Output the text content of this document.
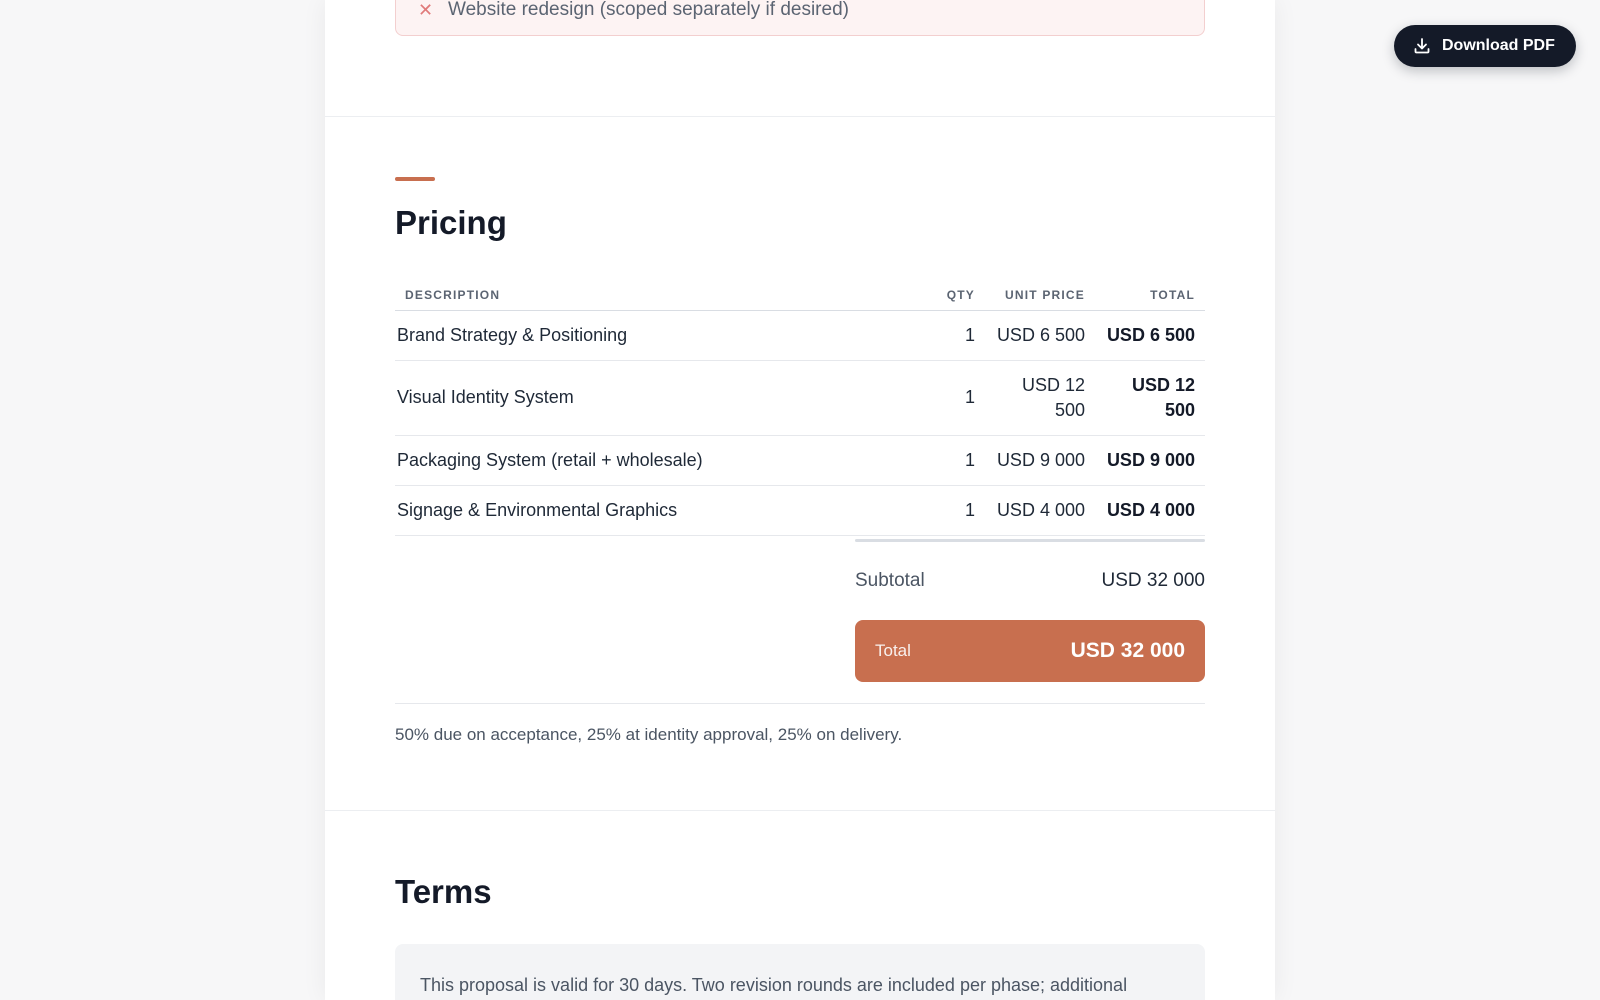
✕ Website redesign (scoped separately if desired)
Pricing
DESCRIPTION	QTY	UNIT PRICE	TOTAL
Brand Strategy & Positioning	1	USD 6 500	USD 6 500
Visual Identity System	1	USD 12 500	USD 12 500
Packaging System (retail + wholesale)	1	USD 9 000	USD 9 000
Signage & Environmental Graphics	1	USD 4 000	USD 4 000
Subtotal	USD 32 000
Total	USD 32 000
50% due on acceptance, 25% at identity approval, 25% on delivery.
Terms
This proposal is valid for 30 days. Two revision rounds are included per phase; additional
Download PDF
